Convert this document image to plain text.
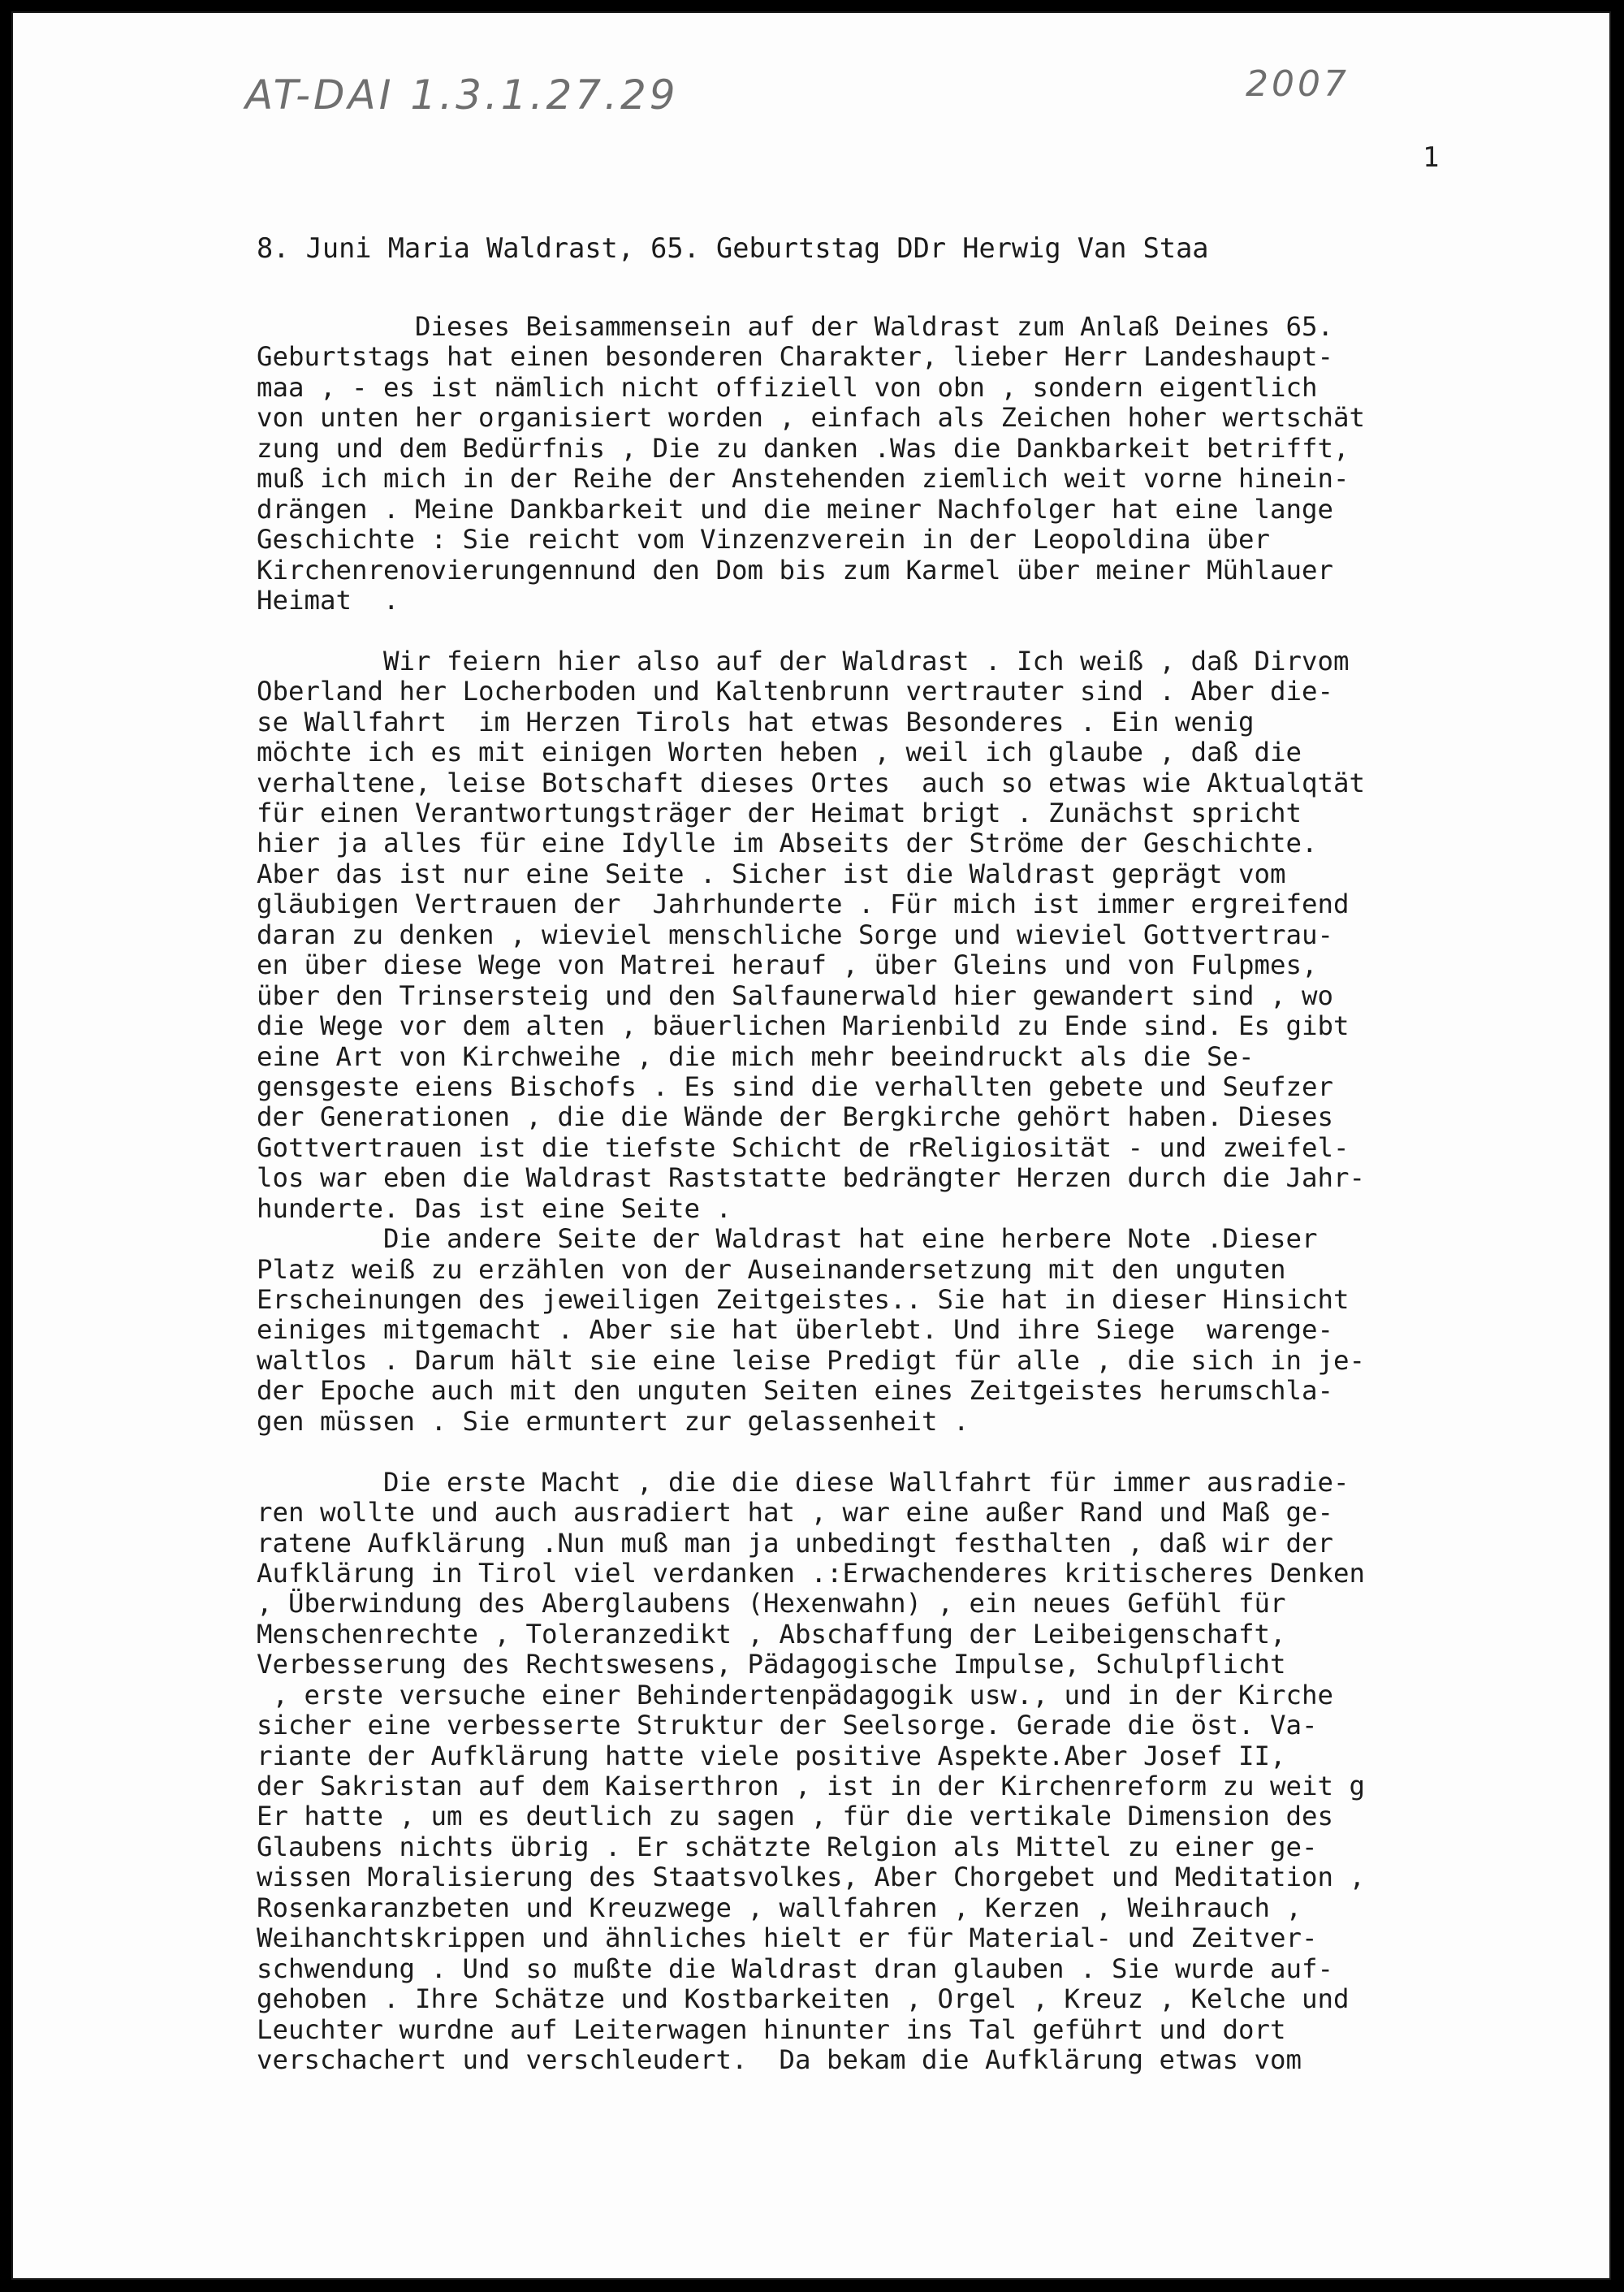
AT-DAI 1.3.1.27.29	2007
1
8. Juni Maria Waldrast, 65. Geburtstag DDr Herwig Van Staa
Dieses Beisammensein auf der Waldrast zum Anlaß Deines 65.
Geburtstags hat einen besonderen Charakter, lieber Herr Landeshaupt-
maa , - es ist nämlich nicht offiziell von obn , sondern eigentlich
von unten her organisiert worden , einfach als Zeichen hoher wertschät
zung und dem Bedürfnis , Die zu danken .Was die Dankbarkeit betrifft,
muß ich mich in der Reihe der Anstehenden ziemlich weit vorne hinein-
drängen . Meine Dankbarkeit und die meiner Nachfolger hat eine lange
Geschichte : Sie reicht vom Vinzenzverein in der Leopoldina über
Kirchenrenovierungennund den Dom bis zum Karmel über meiner Mühlauer
Heimat  .
Wir feiern hier also auf der Waldrast . Ich weiß , daß Dirvom
Oberland her Locherboden und Kaltenbrunn vertrauter sind . Aber die-
se Wallfahrt  im Herzen Tirols hat etwas Besonderes . Ein wenig
möchte ich es mit einigen Worten heben , weil ich glaube , daß die
verhaltene, leise Botschaft dieses Ortes  auch so etwas wie Aktualqtät
für einen Verantwortungsträger der Heimat brigt . Zunächst spricht
hier ja alles für eine Idylle im Abseits der Ströme der Geschichte.
Aber das ist nur eine Seite . Sicher ist die Waldrast geprägt vom
gläubigen Vertrauen der  Jahrhunderte . Für mich ist immer ergreifend
daran zu denken , wieviel menschliche Sorge und wieviel Gottvertrau-
en über diese Wege von Matrei herauf , über Gleins und von Fulpmes,
über den Trinsersteig und den Salfaunerwald hier gewandert sind , wo
die Wege vor dem alten , bäuerlichen Marienbild zu Ende sind. Es gibt
eine Art von Kirchweihe , die mich mehr beeindruckt als die Se-
gensgeste eiens Bischofs . Es sind die verhallten gebete und Seufzer
der Generationen , die die Wände der Bergkirche gehört haben. Dieses
Gottvertrauen ist die tiefste Schicht de rReligiosität - und zweifel-
los war eben die Waldrast Raststatte bedrängter Herzen durch die Jahr-
hunderte. Das ist eine Seite .
Die andere Seite der Waldrast hat eine herbere Note .Dieser
Platz weiß zu erzählen von der Auseinandersetzung mit den unguten
Erscheinungen des jeweiligen Zeitgeistes.. Sie hat in dieser Hinsicht
einiges mitgemacht . Aber sie hat überlebt. Und ihre Siege  warenge-
waltlos . Darum hält sie eine leise Predigt für alle , die sich in je-
der Epoche auch mit den unguten Seiten eines Zeitgeistes herumschla-
gen müssen . Sie ermuntert zur gelassenheit .
Die erste Macht , die die diese Wallfahrt für immer ausradie-
ren wollte und auch ausradiert hat , war eine außer Rand und Maß ge-
ratene Aufklärung .Nun muß man ja unbedingt festhalten , daß wir der
Aufklärung in Tirol viel verdanken .:Erwachenderes kritischeres Denken
, Überwindung des Aberglaubens (Hexenwahn) , ein neues Gefühl für
Menschenrechte , Toleranzedikt , Abschaffung der Leibeigenschaft,
Verbesserung des Rechtswesens, Pädagogische Impulse, Schulpflicht
, erste versuche einer Behindertenpädagogik usw., und in der Kirche
sicher eine verbesserte Struktur der Seelsorge. Gerade die öst. Va-
riante der Aufklärung hatte viele positive Aspekte.Aber Josef II,
der Sakristan auf dem Kaiserthron , ist in der Kirchenreform zu weit g
Er hatte , um es deutlich zu sagen , für die vertikale Dimension des
Glaubens nichts übrig . Er schätzte Relgion als Mittel zu einer ge-
wissen Moralisierung des Staatsvolkes, Aber Chorgebet und Meditation ,
Rosenkaranzbeten und Kreuzwege , wallfahren , Kerzen , Weihrauch ,
Weihanchtskrippen und ähnliches hielt er für Material- und Zeitver-
schwendung . Und so mußte die Waldrast dran glauben . Sie wurde auf-
gehoben . Ihre Schätze und Kostbarkeiten , Orgel , Kreuz , Kelche und
Leuchter wurdne auf Leiterwagen hinunter ins Tal geführt und dort
verschachert und verschleudert.  Da bekam die Aufklärung etwas vom
